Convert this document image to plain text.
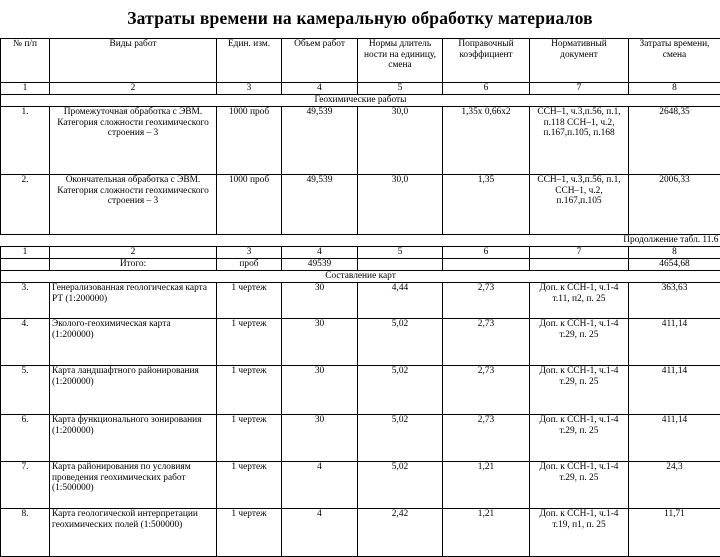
Затраты времени на камеральную обработку материалов
№ п/п	Виды работ	Един. изм.	Объем работ	Нормы длитель ности на единицу, смена	Поправочный коэффициент	Нормативный документ	Затраты времени, смена
1	2	3	4	5	6	7	8
Геохимические работы							
1.	Промежуточная обработка с ЭВМ. Категория сложности геохимического строения – 3	1000 проб	49,539	30,0	1,35х 0,66х2	ССН–1, ч.3,п.56, п.1, п.118 ССН–1, ч.2, п.167,п.105, п.168	2648,35
2.	Окончательная обработка с ЭВМ. Категория сложности геохимического строения – 3	1000 проб	49,539	30,0	1,35	ССН–1, ч.3,п.56, п.1, ССН–1, ч.2, п.167,п.105	2006,33
Продолжение табл. 11.6							
1	2	3	4	5	6	7	8
	Итого:	проб	49539				4654,68
Составление карт							
3.	Генерализованная геологическая карта РТ (1:200000)	1 чертеж	30	4,44	2,73	Доп. к ССН-1, ч.1-4 т.11, п2, п. 25	363,63
4.	Эколого-геохимическая карта (1:200000)	1 чертеж	30	5,02	2,73	Доп. к ССН-1, ч.1-4 т.29, п. 25	411,14
5.	Карта ландшафтного районирования (1:200000)	1 чертеж	30	5,02	2,73	Доп. к ССН-1, ч.1-4 т.29, п. 25	411,14
6.	Карта функционального зонирования (1:200000)	1 чертеж	30	5,02	2,73	Доп. к ССН-1, ч.1-4 т.29, п. 25	411,14
7.	Карта районирования по условиям проведения геохимических работ (1:500000)	1 чертеж	4	5,02	1,21	Доп. к ССН-1, ч.1-4 т.29, п. 25	24,3
8.	Карта геологической интерпретации геохимических полей (1:500000)	1 чертеж	4	2,42	1,21	Доп. к ССН-1, ч.1-4 т.19, п1, п. 25	11,71
